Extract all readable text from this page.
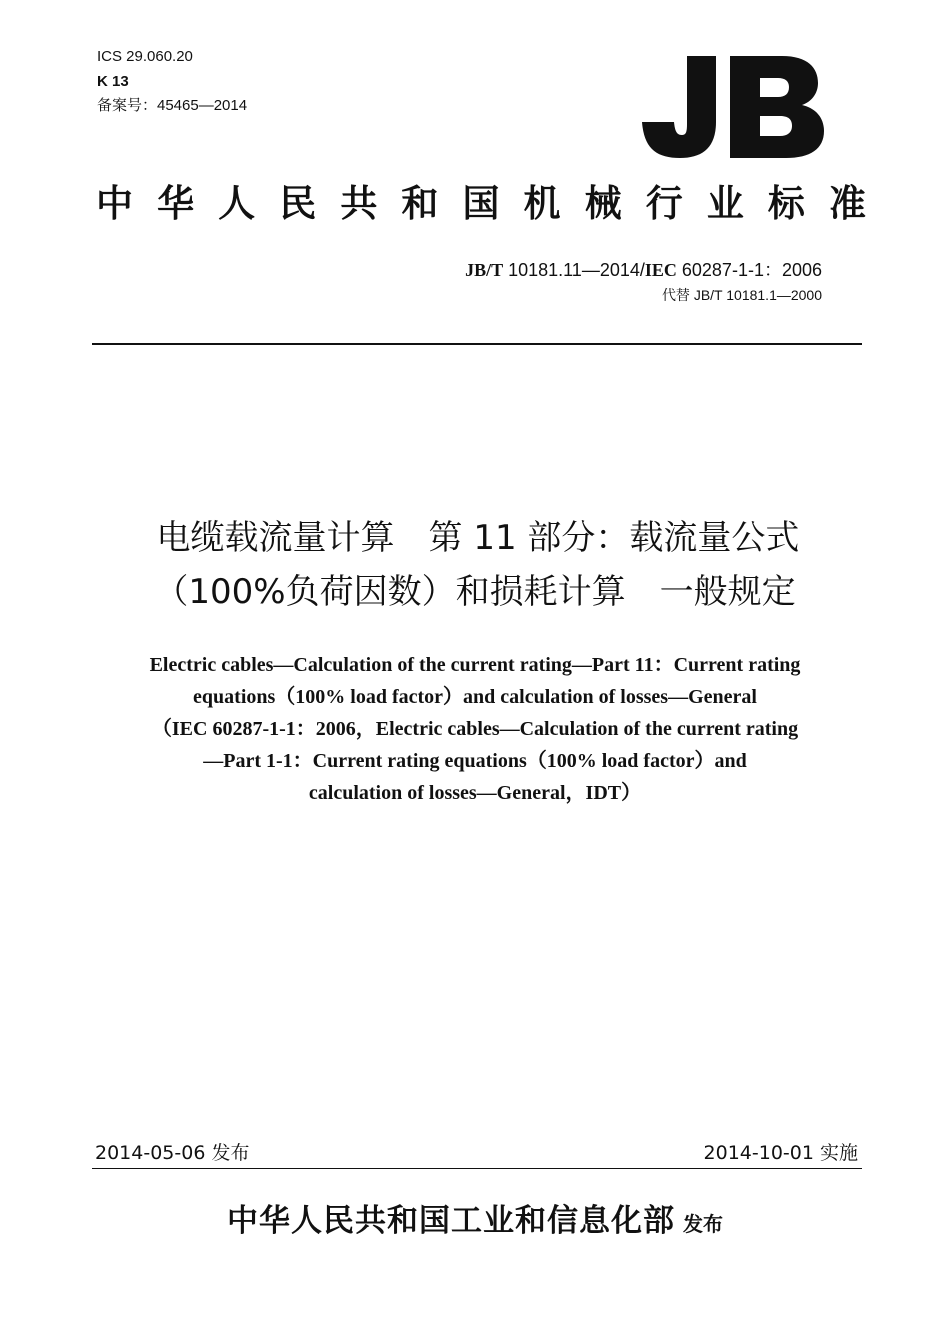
ICS 29.060.20
K 13
备案号：45465—2014
中 华 人 民 共 和 国 机 械 行 业 标 准
JB/T 10181.11—2014/IEC 60287-1-1：2006
代替 JB/T 10181.1—2000
电缆载流量计算　第 11 部分：载流量公式
（100%负荷因数）和损耗计算　一般规定
Electric cables—Calculation of the current rating—Part 11：Current rating
equations（100% load factor）and calculation of losses—General
（IEC 60287-1-1：2006，Electric cables—Calculation of the current rating
—Part 1-1：Current rating equations（100% load factor）and
calculation of losses—General，IDT）
2014-05-06 发布	2014-10-01 实施
中华人民共和国工业和信息化部 发布
